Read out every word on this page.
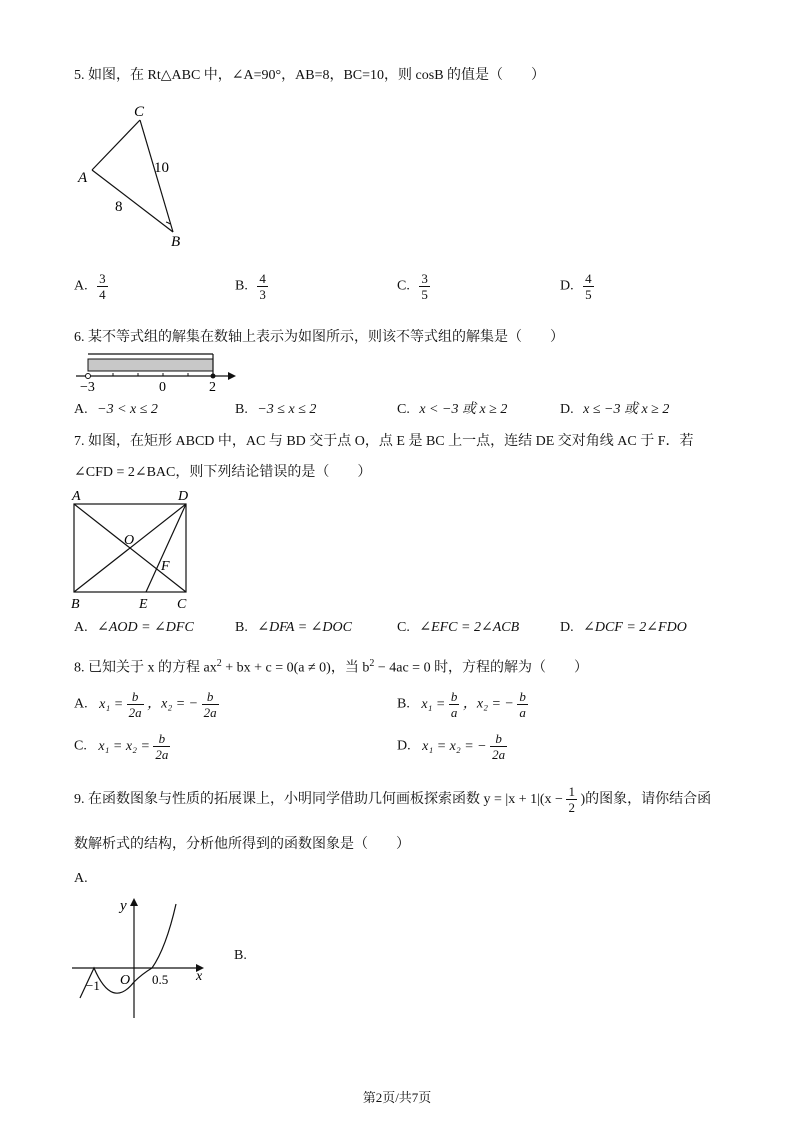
5. 如图，在 Rt△ABC 中，∠A=90°，AB=8，BC=10，则 cosB 的值是（　　）
C
A
B
10
8
A. $\frac{3}{4}$	B. $\frac{4}{3}$	C. $\frac{3}{5}$	D. $\frac{4}{5}$
6. 某不等式组的解集在数轴上表示为如图所示，则该不等式组的解集是（　　）
−3	0	2
A. −3 < x ≤ 2	B. −3 ≤ x ≤ 2	C. x < −3 或 x ≥ 2	D. x ≤ −3 或 x ≥ 2
7. 如图，在矩形 ABCD 中，AC 与 BD 交于点 O，点 E 是 BC 上一点，连结 DE 交对角线 AC 于 F．若
∠CFD = 2∠BAC，则下列结论错误的是（　　）
A	D
O
F
B	E C
A. ∠AOD = ∠DFC	B. ∠DFA = ∠DOC	C. ∠EFC = 2∠ACB	D. ∠DCF = 2∠FDO
8. 已知关于 x 的方程 $ax^2$ + bx + c = 0(a ≠ 0)，当 $b^2 - 4ac = 0$ 时，方程的解为（　　）
A. $x_1 = \frac{b}{2a}$ ，x₂ = − $\frac{b}{2a}$	B. $x_1 = \frac{b}{a}$ ，x₂ = − $\frac{b}{a}$
C. $x_1 = x_2 = \frac{b}{2a}$	D. x₁ = x₂ = − $\frac{b}{2a}$
9. 在函数图象与性质的拓展课上，小明同学借助几何画板探索函数 $y = |x + 1|(x - \frac{1}{2}$ )的图象，请你结合函
数解析式的结构，分析他所得到的函数图象是（　　）
A.
y
x
O 0.5
−1
B.
第2页/共7页
